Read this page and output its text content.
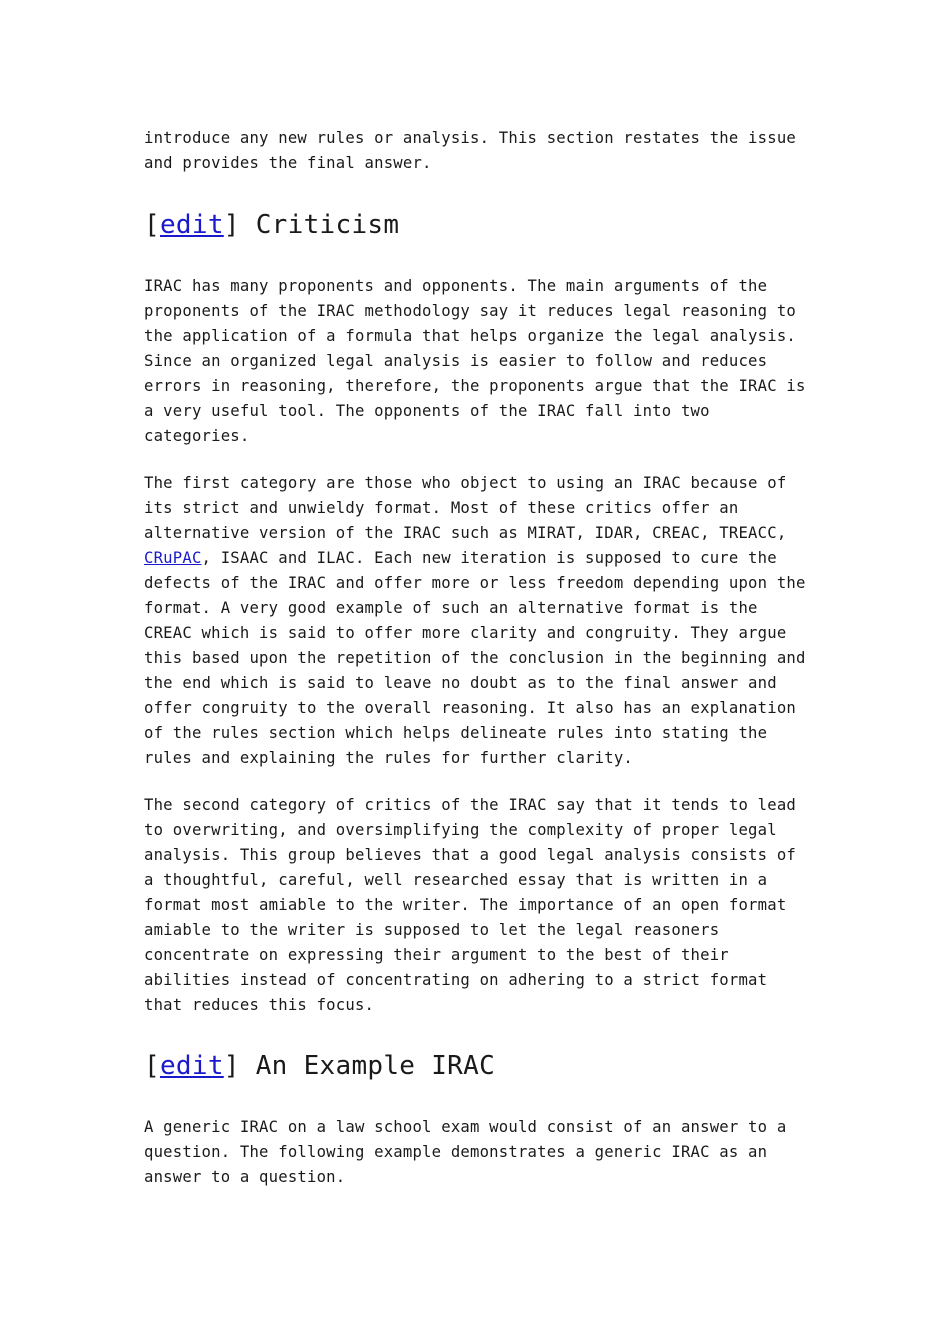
introduce any new rules or analysis. This section restates the issue
and provides the final answer.

[edit] Criticism

IRAC has many proponents and opponents. The main arguments of the
proponents of the IRAC methodology say it reduces legal reasoning to
the application of a formula that helps organize the legal analysis.
Since an organized legal analysis is easier to follow and reduces
errors in reasoning, therefore, the proponents argue that the IRAC is
a very useful tool. The opponents of the IRAC fall into two
categories.

The first category are those who object to using an IRAC because of
its strict and unwieldy format. Most of these critics offer an
alternative version of the IRAC such as MIRAT, IDAR, CREAC, TREACC,
CRuPAC, ISAAC and ILAC. Each new iteration is supposed to cure the
defects of the IRAC and offer more or less freedom depending upon the
format. A very good example of such an alternative format is the
CREAC which is said to offer more clarity and congruity. They argue
this based upon the repetition of the conclusion in the beginning and
the end which is said to leave no doubt as to the final answer and
offer congruity to the overall reasoning. It also has an explanation
of the rules section which helps delineate rules into stating the
rules and explaining the rules for further clarity.

The second category of critics of the IRAC say that it tends to lead
to overwriting, and oversimplifying the complexity of proper legal
analysis. This group believes that a good legal analysis consists of
a thoughtful, careful, well researched essay that is written in a
format most amiable to the writer. The importance of an open format
amiable to the writer is supposed to let the legal reasoners
concentrate on expressing their argument to the best of their
abilities instead of concentrating on adhering to a strict format
that reduces this focus.

[edit] An Example IRAC

A generic IRAC on a law school exam would consist of an answer to a
question. The following example demonstrates a generic IRAC as an
answer to a question.
